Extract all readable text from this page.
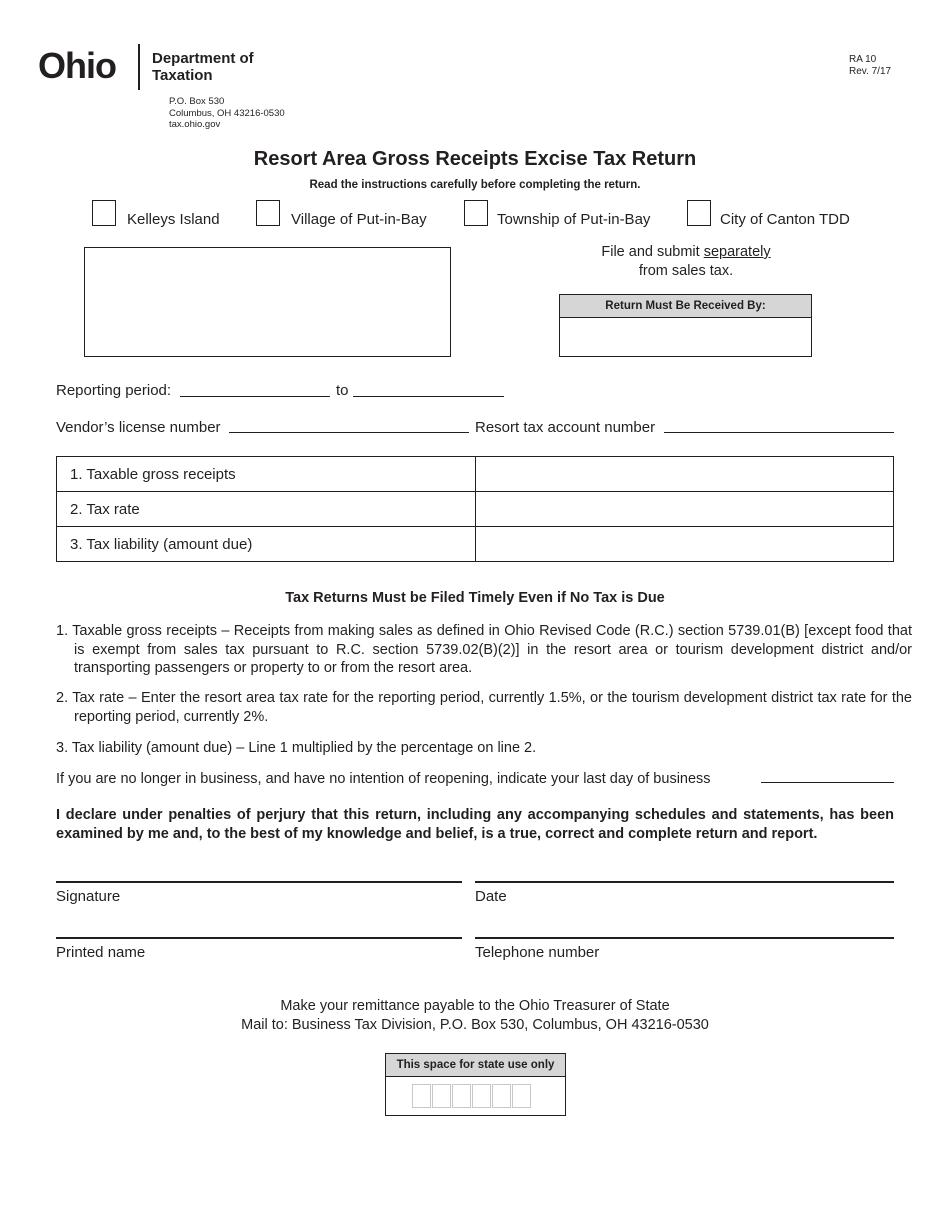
Ohio Department of
Taxation
P.O. Box 530
Columbus, OH 43216-0530
tax.ohio.gov
RA 10
Rev. 7/17
Resort Area Gross Receipts Excise Tax Return
Read the instructions carefully before completing the return.
Kelleys Island	Village of Put-in-Bay	Township of Put-in-Bay	City of Canton TDD
File and submit separately
from sales tax.
Return Must Be Received By:
Reporting period:	to
Vendor’s license number	Resort tax account number
1. Taxable gross receipts	
2. Tax rate	
3. Tax liability (amount due)	
Tax Returns Must be Filed Timely Even if No Tax is Due
1. Taxable gross receipts – Receipts from making sales as defined in Ohio Revised Code (R.C.) section 5739.01(B) [except food that is exempt from sales tax pursuant to R.C. section 5739.02(B)(2)] in the resort area or tourism development district and/or transporting passengers or property to or from the resort area.
2. Tax rate – Enter the resort area tax rate for the reporting period, currently 1.5%, or the tourism development district tax rate for the reporting period, currently 2%.
3. Tax liability (amount due) – Line 1 multiplied by the percentage on line 2.
If you are no longer in business, and have no intention of reopening, indicate your last day of business
I declare under penalties of perjury that this return, including any accompanying schedules and statements, has been examined by me and, to the best of my knowledge and belief, is a true, correct and complete return and report.
Signature	Date
Printed name	Telephone number
Make your remittance payable to the Ohio Treasurer of State
Mail to: Business Tax Division, P.O. Box 530, Columbus, OH 43216-0530
This space for state use only
